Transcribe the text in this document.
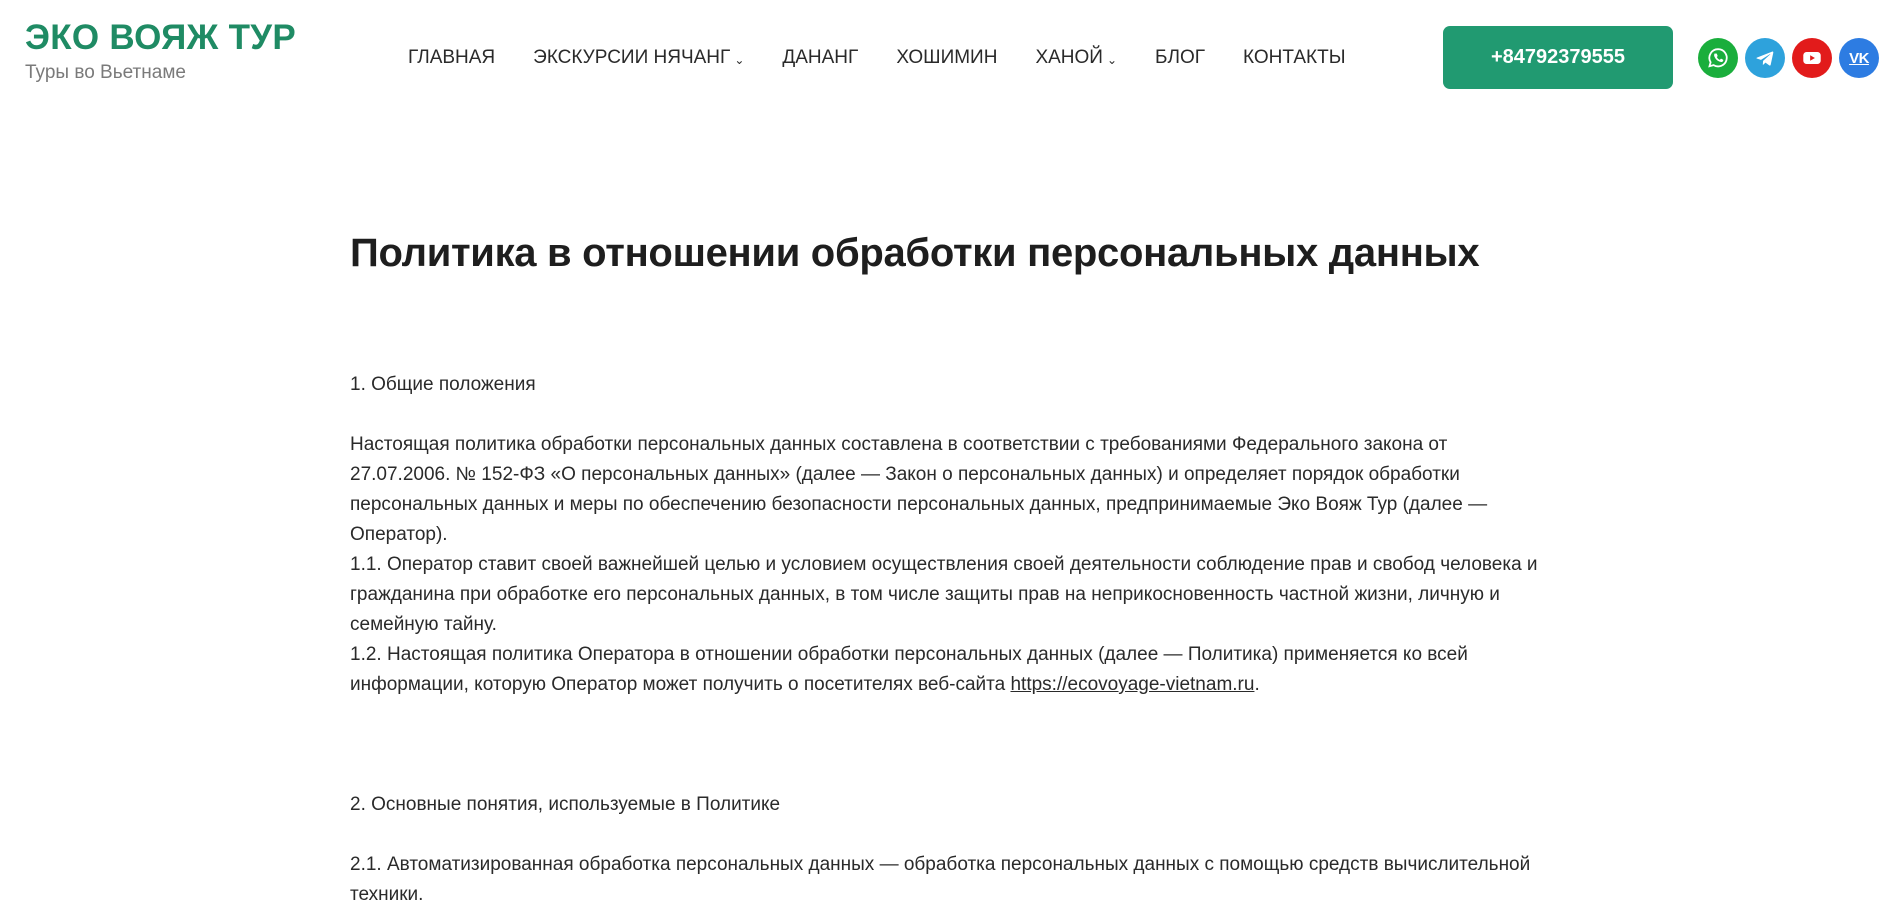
ЭКО ВОЯЖ ТУР
Туры во Вьетнаме
ГЛАВНАЯ ЭКСКУРСИИ НЯЧАНГ ⌄ ДАНАНГ ХОШИМИН ХАНОЙ ⌄ БЛОГ КОНТАКТЫ	+84792379555	VK
Политика в отношении обработки персональных данных

1. Общие положения

Настоящая политика обработки персональных данных составлена в соответствии с требованиями Федерального закона от 27.07.2006. № 152-ФЗ «О персональных данных» (далее — Закон о персональных данных) и определяет порядок обработки персональных данных и меры по обеспечению безопасности персональных данных, предпринимаемые Эко Вояж Тур (далее — Оператор).

1.1. Оператор ставит своей важнейшей целью и условием осуществления своей деятельности соблюдение прав и свобод человека и гражданина при обработке его персональных данных, в том числе защиты прав на неприкосновенность частной жизни, личную и семейную тайну.

1.2. Настоящая политика Оператора в отношении обработки персональных данных (далее — Политика) применяется ко всей информации, которую Оператор может получить о посетителях веб-сайта https://ecovoyage-vietnam.ru.

2. Основные понятия, используемые в Политике

2.1. Автоматизированная обработка персональных данных — обработка персональных данных с помощью средств вычислительной техники.
